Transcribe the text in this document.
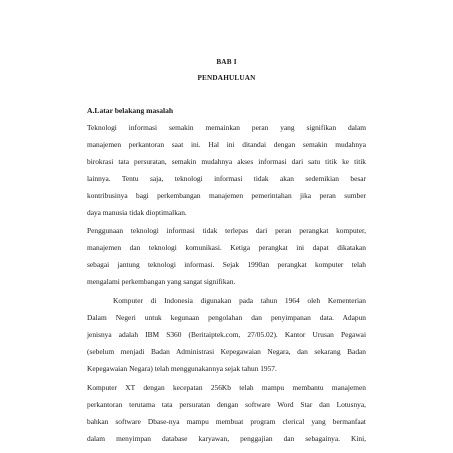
BAB I
PENDAHULUAN
A.Latar belakang masalah
Teknologi informasi semakin memainkan peran yang signifikan dalam
manajemen perkantoran saat ini. Hal ini ditandai dengan semakin mudahnya
birokrasi tata persuratan, semakin mudahnya akses informasi dari satu titik ke titik
lainnya. Tentu saja, teknologi informasi tidak akan sedemikian besar
kontribusinya bagi perkembangan manajemen pemerintahan jika peran sumber
daya manusia tidak dioptimalkan.
Penggunaan teknologi informasi tidak terlepas dari peran perangkat komputer,
manajemen dan teknologi komunikasi. Ketiga perangkat ini dapat dikatakan
sebagai jantung teknologi informasi. Sejak 1990an perangkat komputer telah
mengalami perkembangan yang sangat signifikan.
Komputer di Indonesia digunakan pada tahun 1964 oleh Kementerian
Dalam Negeri untuk kegunaan pengolahan dan penyimpanan data. Adapun
jenisnya adalah IBM S360 (Beritaiptek.com, 27/05.02). Kantor Urusan Pegawai
(sebelum menjadi Badan Administrasi Kepegawaian Negara, dan sekarang Badan
Kepegawaian Negara) telah menggunakannya sejak tahun 1957.
Komputer XT dengan kecepatan 256Kb telah mampu membantu manajemen
perkantoran terutama tata persuratan dengan software Word Star dan Lotusnya,
bahkan software Dbase-nya mampu membuat program clerical yang bermanfaat
dalam menyimpan database karyawan, penggajian dan sebagainya. Kini,
